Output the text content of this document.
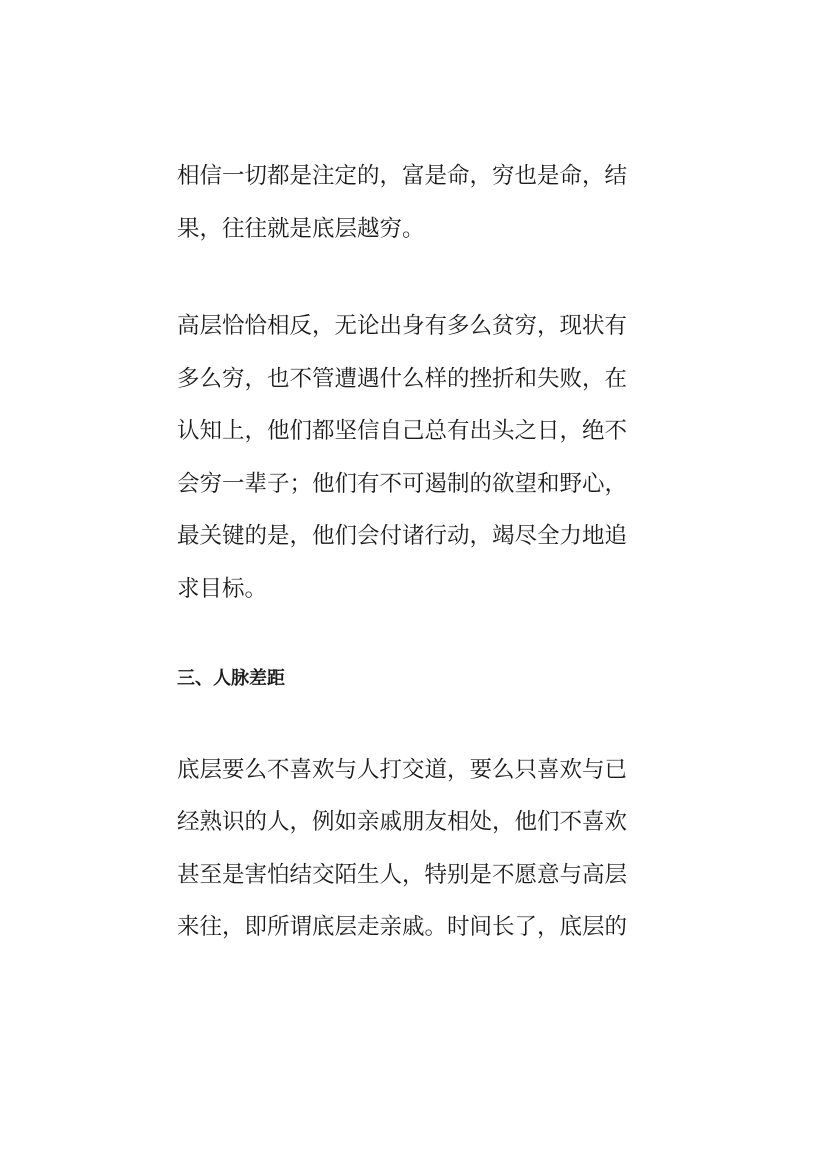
相信一切都是注定的，富是命，穷也是命，结
果，往往就是底层越穷。

高层恰恰相反，无论出身有多么贫穷，现状有
多么穷，也不管遭遇什么样的挫折和失败，在
认知上，他们都坚信自己总有出头之日，绝不
会穷一辈子；他们有不可遏制的欲望和野心，
最关键的是，他们会付诸行动，竭尽全力地追
求目标。

三、人脉差距

底层要么不喜欢与人打交道，要么只喜欢与已
经熟识的人，例如亲戚朋友相处，他们不喜欢
甚至是害怕结交陌生人，特别是不愿意与高层
来往，即所谓底层走亲戚。时间长了，底层的
